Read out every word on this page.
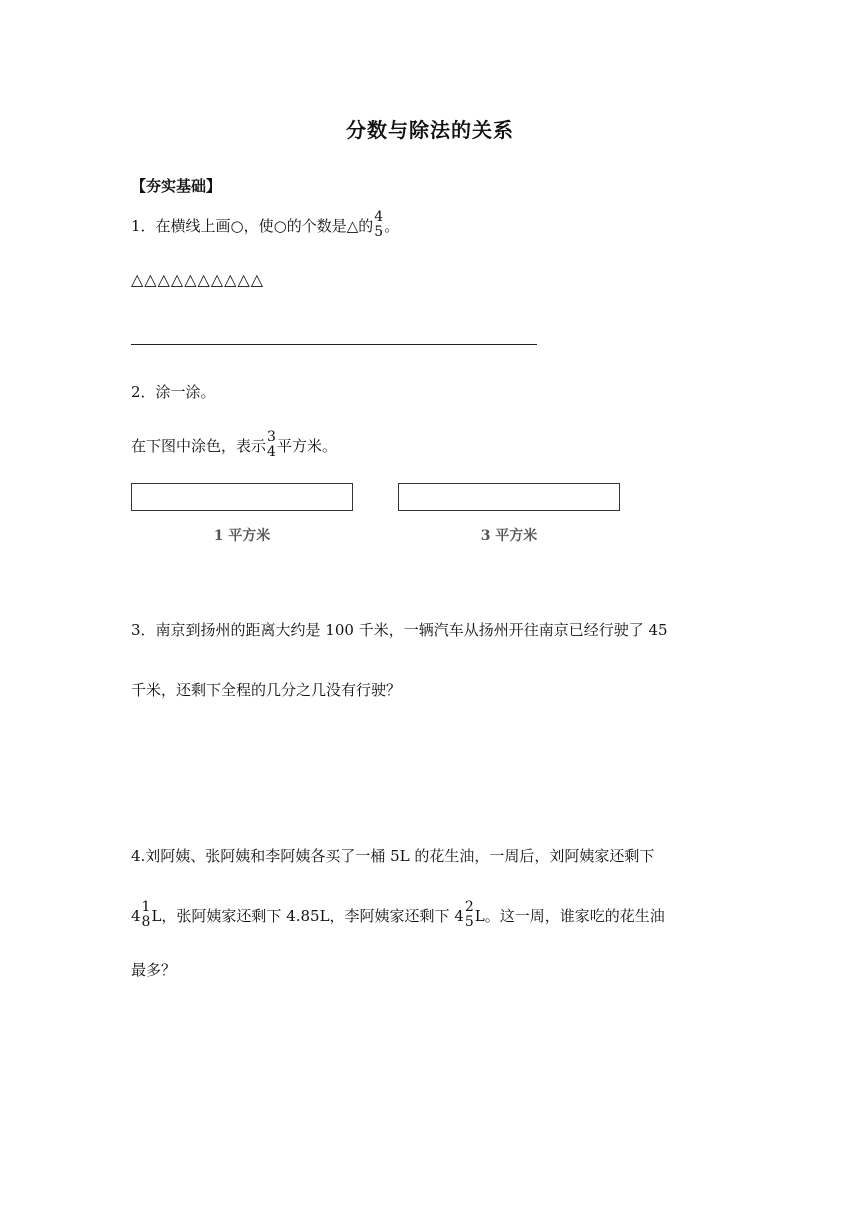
分数与除法的关系
【夯实基础】
1．在横线上画○，使○的个数是△的 4
5 。
△△△△△△△△△△
2．涂一涂。
在下图中涂色，表示 3
4 平方米。
1 平方米	3 平方米
3．南京到扬州的距离大约是 100 千米，一辆汽车从扬州开往南京已经行驶了 45
千米，还剩下全程的几分之几没有行驶？
4.刘阿姨、张阿姨和李阿姨各买了一桶 5L 的花生油，一周后，刘阿姨家还剩下
4 1
8 L，张阿姨家还剩下 4.85L，李阿姨家还剩下 4 2
5 L。这一周，谁家吃的花生油
最多？
